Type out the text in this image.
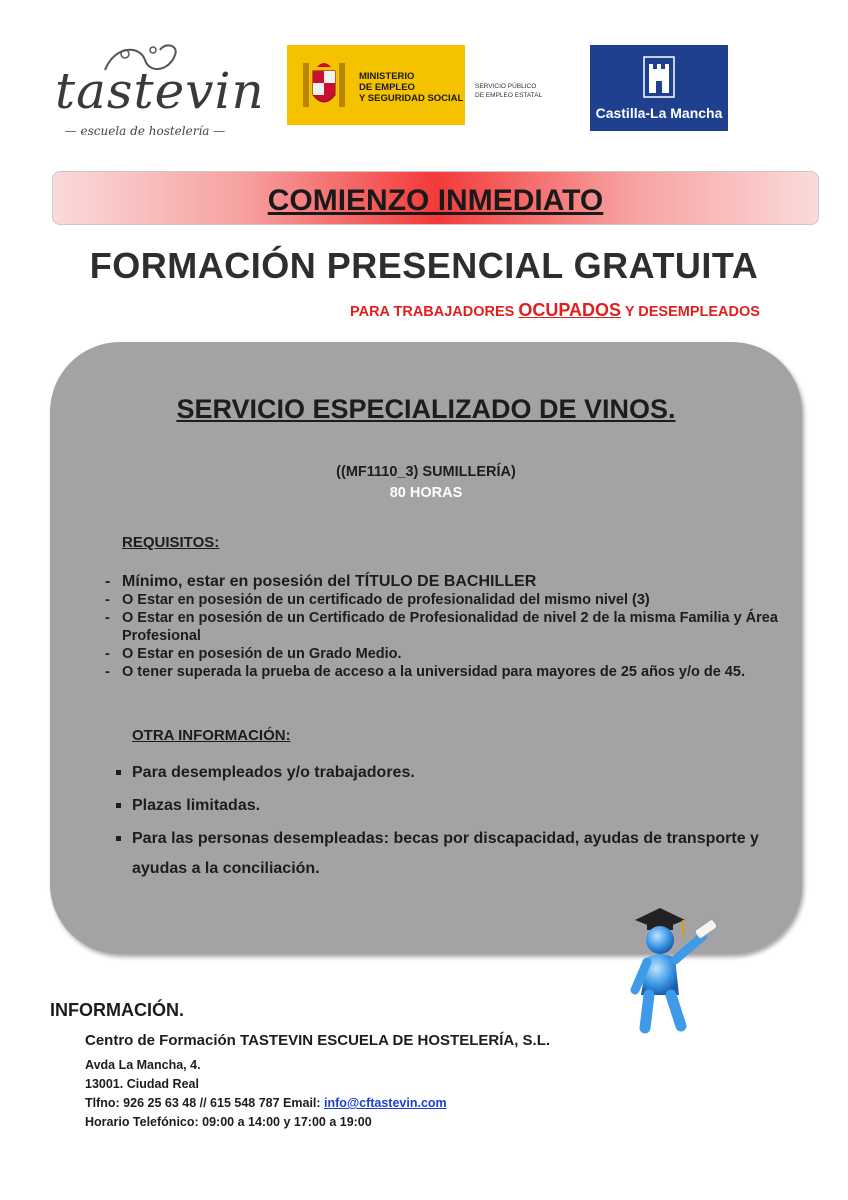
tastevin
— escuela de hostelería —
MINISTERIO
DE EMPLEO
Y SEGURIDAD SOCIAL
SERVICIO PÚBLICO
DE EMPLEO ESTATAL
Castilla-La Mancha
COMIENZO INMEDIATO
FORMACIÓN PRESENCIAL GRATUITA
PARA TRABAJADORES OCUPADOS Y DESEMPLEADOS
SERVICIO ESPECIALIZADO DE VINOS.
((MF1110_3) SUMILLERÍA)
80 HORAS
REQUISITOS:
- Mínimo, estar en posesión del TÍTULO DE BACHILLER
- O Estar en posesión de un certificado de profesionalidad del mismo nivel (3)
- O Estar en posesión de un Certificado de Profesionalidad de nivel 2 de la misma Familia y Área Profesional
- O Estar en posesión de un Grado Medio.
- O tener superada la prueba de acceso a la universidad para mayores de 25 años y/o de 45.
OTRA INFORMACIÓN:
Para desempleados y/o trabajadores.
Plazas limitadas.
Para las personas desempleadas: becas por discapacidad, ayudas de transporte y ayudas a la conciliación.
INFORMACIÓN.
Centro de Formación TASTEVIN ESCUELA DE HOSTELERÍA, S.L.
Avda La Mancha, 4.
13001. Ciudad Real
Tlfno: 926 25 63 48 // 615 548 787 Email: info@cftastevin.com
Horario Telefónico: 09:00 a 14:00 y 17:00 a 19:00
